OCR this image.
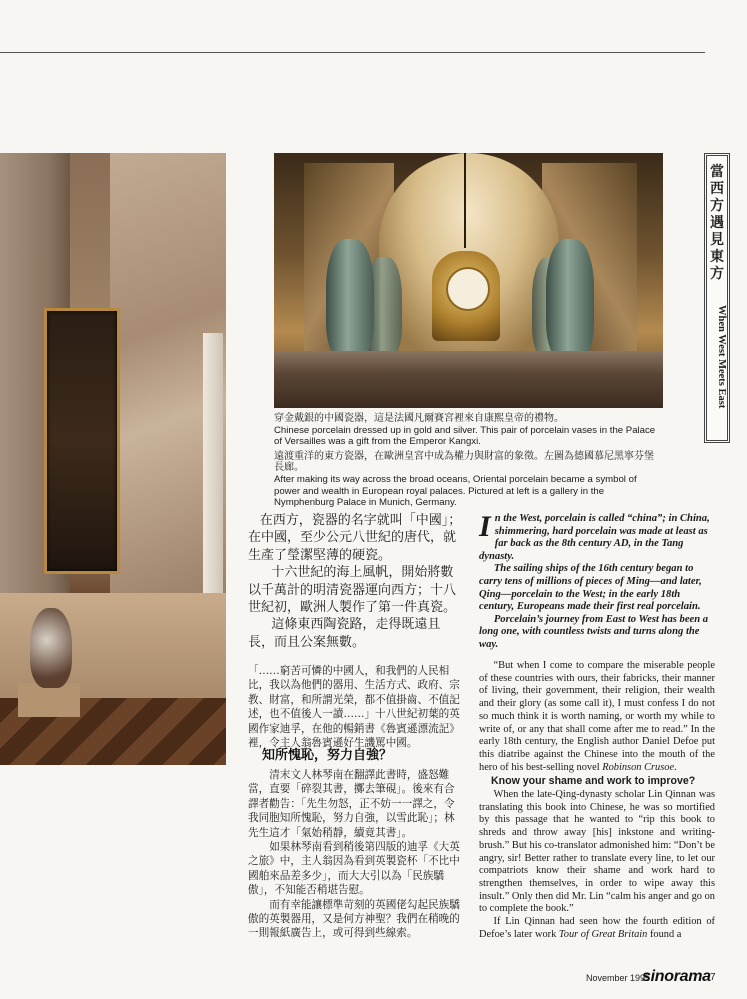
穿金戴銀的中國瓷器，這是法國凡爾賽宮裡來自康熙皇帝的禮物。

Chinese porcelain dressed up in gold and silver. This pair of porcelain vases in the Palace of Versailles was a gift from the Emperor Kangxi.

遠渡重洋的東方瓷器，在歐洲皇宮中成為權力與財富的象徵。左圖為德國慕尼黑寧芬堡長廊。

After making its way across the broad oceans, Oriental porcelain became a symbol of power and wealth in European royal palaces. Pictured at left is a gallery in the Nymphenburg Palace in Munich, Germany.

當西方遇見東方
When West Meets East

在西方，瓷器的名字就叫「中國」；在中國，至少公元八世紀的唐代，就生產了瑩潔堅薄的硬瓷。

十六世紀的海上風帆，開始將數以千萬計的明清瓷器運向西方；十八世紀初，歐洲人製作了第一件真瓷。

這條東西陶瓷路，走得既遠且長，而且公案無數。

「……窮苦可憐的中國人，和我們的人民相比，我以為他們的器用、生活方式、政府、宗教、財富，和所謂光榮，都不值掛齒、不值記述，也不值後人一讀……」十八世紀初葉的英國作家迪孚，在他的暢銷書《魯賓遜漂流記》裡，令主人翁魯賓遜好生譏罵中國。

知所愧恥，努力自強？

清末文人林琴南在翻譯此書時，盛怒難當，直要「碎裂其書，擲去筆硯」。後來有合譯者勸告：「先生勿怒，正不妨一一譯之，令我同胞知所愧恥，努力自強，以雪此恥」；林先生這才「氣始稍靜，續竟其書」。

如果林琴南看到稍後第四版的迪孚《大英之旅》中，主人翁因為看到英製瓷杯「不比中國舶來品差多少」，而大大引以為「民族驕傲」，不知能否稍堪告慰。

而有幸能讓標準苛刻的英國佬勾起民族驕傲的英製器用，又是何方神聖？我們在稍晚的一則報紙廣告上，或可得到些線索。

In the West, porcelain is called “china”; in China, shimmering, hard porcelain was made at least as far back as the 8th century AD, in the Tang dynasty.

The sailing ships of the 16th century began to carry tens of millions of pieces of Ming—and later, Qing—porcelain to the West; in the early 18th century, Europeans made their first real porcelain.

Porcelain’s journey from East to West has been a long one, with countless twists and turns along the way.

“But when I come to compare the miserable people of these countries with ours, their fabricks, their manner of living, their government, their religion, their wealth and their glory (as some call it), I must confess I do not so much think it is worth naming, or worth my while to write of, or any that shall come after me to read.” In the early 18th century, the English author Daniel Defoe put this diatribe against the Chinese into the mouth of the hero of his best-selling novel Robinson Crusoe.

Know your shame and work to improve?

When the late-Qing-dynasty scholar Lin Qinnan was translating this book into Chinese, he was so mortified by this passage that he wanted to “rip this book to shreds and throw away [his] inkstone and writing-brush.” But his co-translator admonished him: “Don’t be angry, sir! Better rather to translate every line, to let our compatriots know their shame and work hard to strengthen themselves, in order to wipe away this insult.” Only then did Mr. Lin “calm his anger and go on to complete the book.”

If Lin Qinnan had seen how the fourth edition of Defoe’s later work Tour of Great Britain found a

November 1995
sinorama 7
